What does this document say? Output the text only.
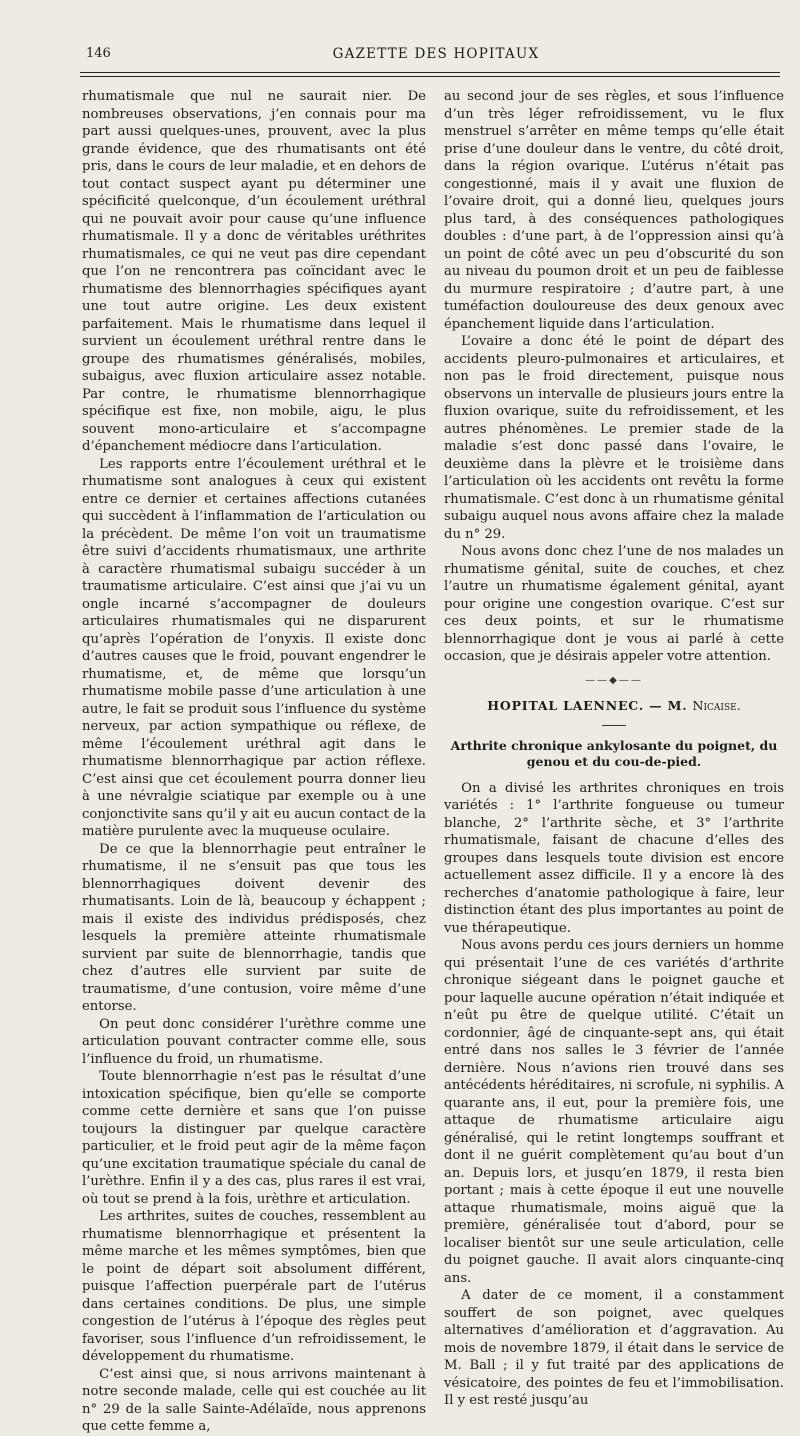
146	GAZETTE DES HOPITAUX

rhumatismale que nul ne saurait nier. De nombreuses observations, j’en connais pour ma part aussi quelques-unes, prouvent, avec la plus grande évidence, que des rhumatisants ont été pris, dans le cours de leur maladie, et en dehors de tout contact suspect ayant pu déterminer une spécificité quelconque, d’un écoulement uréthral qui ne pouvait avoir pour cause qu’une influence rhumatismale. Il y a donc de véritables uréthrites rhumatismales, ce qui ne veut pas dire cependant que l’on ne rencontrera pas coïncidant avec le rhumatisme des blennorrhagies spécifiques ayant une tout autre origine. Les deux existent parfaitement. Mais le rhumatisme dans lequel il survient un écoulement uréthral rentre dans le groupe des rhumatismes généralisés, mobiles, subaigus, avec fluxion articulaire assez notable. Par contre, le rhumatisme blennorrhagique spécifique est fixe, non mobile, aigu, le plus souvent mono-articulaire et s’accompagne d’épanchement médiocre dans l’articulation.

Les rapports entre l’écoulement uréthral et le rhumatisme sont analogues à ceux qui existent entre ce dernier et certaines affections cutanées qui succèdent à l’inflammation de l’articulation ou la précèdent. De même l’on voit un traumatisme être suivi d’accidents rhumatismaux, une arthrite à caractère rhumatismal subaigu succéder à un traumatisme articulaire. C’est ainsi que j’ai vu un ongle incarné s’accompagner de douleurs articulaires rhumatismales qui ne disparurent qu’après l’opération de l’onyxis. Il existe donc d’autres causes que le froid, pouvant engendrer le rhumatisme, et, de même que lorsqu’un rhumatisme mobile passe d’une articulation à une autre, le fait se produit sous l’influence du système nerveux, par action sympathique ou réflexe, de même l’écoulement uréthral agit dans le rhumatisme blennorrhagique par action réflexe. C’est ainsi que cet écoulement pourra donner lieu à une névralgie sciatique par exemple ou à une conjonctivite sans qu’il y ait eu aucun contact de la matière purulente avec la muqueuse oculaire.

De ce que la blennorrhagie peut entraîner le rhumatisme, il ne s’ensuit pas que tous les blennorrhagiques doivent devenir des rhumatisants. Loin de là, beaucoup y échappent ; mais il existe des individus prédisposés, chez lesquels la première atteinte rhumatismale survient par suite de blennorrhagie, tandis que chez d’autres elle survient par suite de traumatisme, d’une contusion, voire même d’une entorse.

On peut donc considérer l’urèthre comme une articulation pouvant contracter comme elle, sous l’influence du froid, un rhumatisme.

Toute blennorrhagie n’est pas le résultat d’une intoxication spécifique, bien qu’elle se comporte comme cette dernière et sans que l’on puisse toujours la distinguer par quelque caractère particulier, et le froid peut agir de la même façon qu’une excitation traumatique spéciale du canal de l’urèthre. Enfin il y a des cas, plus rares il est vrai, où tout se prend à la fois, urèthre et articulation.

Les arthrites, suites de couches, ressemblent au rhumatisme blennorrhagique et présentent la même marche et les mêmes symptômes, bien que le point de départ soit absolument différent, puisque l’affection puerpérale part de l’utérus dans certaines conditions. De plus, une simple congestion de l’utérus à l’époque des règles peut favoriser, sous l’influence d’un refroidissement, le développement du rhumatisme.

C’est ainsi que, si nous arrivons maintenant à notre seconde malade, celle qui est couchée au lit n° 29 de la salle Sainte-Adélaïde, nous apprenons que cette femme a,

au second jour de ses règles, et sous l’influence d’un très léger refroidissement, vu le flux menstruel s’arrêter en même temps qu’elle était prise d’une douleur dans le ventre, du côté droit, dans la région ovarique. L’utérus n’était pas congestionné, mais il y avait une fluxion de l’ovaire droit, qui a donné lieu, quelques jours plus tard, à des conséquences pathologiques doubles : d’une part, à de l’oppression ainsi qu’à un point de côté avec un peu d’obscurité du son au niveau du poumon droit et un peu de faiblesse du murmure respiratoire ; d’autre part, à une tuméfaction douloureuse des deux genoux avec épanchement liquide dans l’articulation.

L’ovaire a donc été le point de départ des accidents pleuro-pulmonaires et articulaires, et non pas le froid directement, puisque nous observons un intervalle de plusieurs jours entre la fluxion ovarique, suite du refroidissement, et les autres phénomènes. Le premier stade de la maladie s’est donc passé dans l’ovaire, le deuxième dans la plèvre et le troisième dans l’articulation où les accidents ont revêtu la forme rhumatismale. C’est donc à un rhumatisme génital subaigu auquel nous avons affaire chez la malade du n° 29.

Nous avons donc chez l’une de nos malades un rhumatisme génital, suite de couches, et chez l’autre un rhumatisme également génital, ayant pour origine une congestion ovarique. C’est sur ces deux points, et sur le rhumatisme blennorrhagique dont je vous ai parlé à cette occasion, que je désirais appeler votre attention.

——◆——
HOPITAL LAENNEC. — M. Nicaise.
Arthrite chronique ankylosante du poignet, du genou et du cou-de-pied.

On a divisé les arthrites chroniques en trois variétés : 1° l’arthrite fongueuse ou tumeur blanche, 2° l’arthrite sèche, et 3° l’arthrite rhumatismale, faisant de chacune d’elles des groupes dans lesquels toute division est encore actuellement assez difficile. Il y a encore là des recherches d’anatomie pathologique à faire, leur distinction étant des plus importantes au point de vue thérapeutique.

Nous avons perdu ces jours derniers un homme qui présentait l’une de ces variétés d’arthrite chronique siégeant dans le poignet gauche et pour laquelle aucune opération n’était indiquée et n’eût pu être de quelque utilité. C’était un cordonnier, âgé de cinquante-sept ans, qui était entré dans nos salles le 3 février de l’année dernière. Nous n’avions rien trouvé dans ses antécédents héréditaires, ni scrofule, ni syphilis. A quarante ans, il eut, pour la première fois, une attaque de rhumatisme articulaire aigu généralisé, qui le retint longtemps souffrant et dont il ne guérit complètement qu’au bout d’un an. Depuis lors, et jusqu’en 1879, il resta bien portant ; mais à cette époque il eut une nouvelle attaque rhumatismale, moins aiguë que la première, généralisée tout d’abord, pour se localiser bientôt sur une seule articulation, celle du poignet gauche. Il avait alors cinquante-cinq ans.

A dater de ce moment, il a constamment souffert de son poignet, avec quelques alternatives d’amélioration et d’aggravation. Au mois de novembre 1879, il était dans le service de M. Ball ; il y fut traité par des applications de vésicatoire, des pointes de feu et l’immobilisation. Il y est resté jusqu’au
